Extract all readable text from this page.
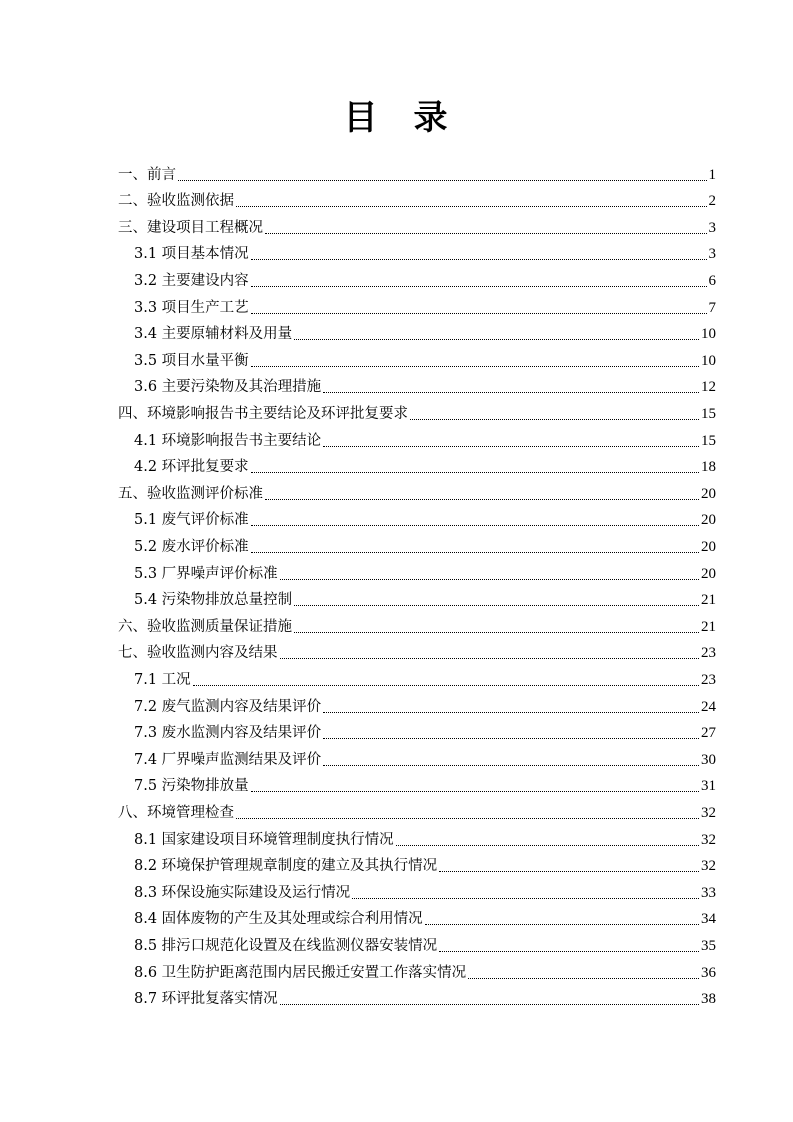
目 录
一、前言	1
二、验收监测依据	2
三、建设项目工程概况	3
3.1 项目基本情况	3
3.2 主要建设内容	6
3.3 项目生产工艺	7
3.4 主要原辅材料及用量	10
3.5 项目水量平衡	10
3.6 主要污染物及其治理措施	12
四、环境影响报告书主要结论及环评批复要求	15
4.1 环境影响报告书主要结论	15
4.2 环评批复要求	18
五、验收监测评价标准	20
5.1 废气评价标准	20
5.2 废水评价标准	20
5.3 厂界噪声评价标准	20
5.4 污染物排放总量控制	21
六、验收监测质量保证措施	21
七、验收监测内容及结果	23
7.1 工况	23
7.2 废气监测内容及结果评价	24
7.3 废水监测内容及结果评价	27
7.4 厂界噪声监测结果及评价	30
7.5 污染物排放量	31
八、环境管理检查	32
8.1 国家建设项目环境管理制度执行情况	32
8.2 环境保护管理规章制度的建立及其执行情况	32
8.3 环保设施实际建设及运行情况	33
8.4 固体废物的产生及其处理或综合利用情况	34
8.5 排污口规范化设置及在线监测仪器安装情况	35
8.6 卫生防护距离范围内居民搬迁安置工作落实情况	36
8.7 环评批复落实情况	38
